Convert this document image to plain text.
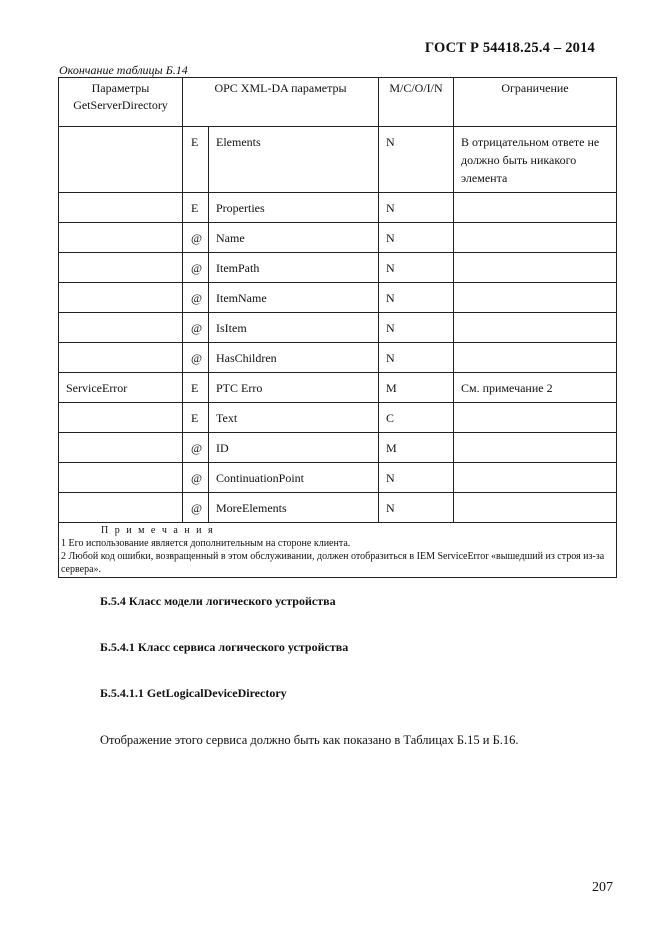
ГОСТ Р 54418.25.4 – 2014
Окончание таблицы Б.14
Параметры GetServerDirectory	OPC XML-DA параметры		M/C/O/I/N	Ограничение
	E	Elements	N	В отрицательном ответе не должно быть никакого элемента
	E	Properties	N	
	@	Name	N	
	@	ItemPath	N	
	@	ItemName	N	
	@	IsItem	N	
	@	HasChildren	N	
ServiceError	E	PTC Erro	M	См. примечание 2
	E	Text	C	
	@	ID	M	
	@	ContinuationPoint	N	
	@	MoreElements	N	

П р и м е ч а н и я
1 Его использование является дополнительным на стороне клиента.
2 Любой код ошибки, возвращенный в этом обслуживании, должен отобразиться в IEM ServiceError «вышедший из строя из-за сервера».				
Б.5.4 Класс модели логического устройства
Б.5.4.1 Класс сервиса логического устройства
Б.5.4.1.1 GetLogicalDeviceDirectory
Отображение этого сервиса должно быть как показано в Таблицах Б.15 и Б.16.
207
